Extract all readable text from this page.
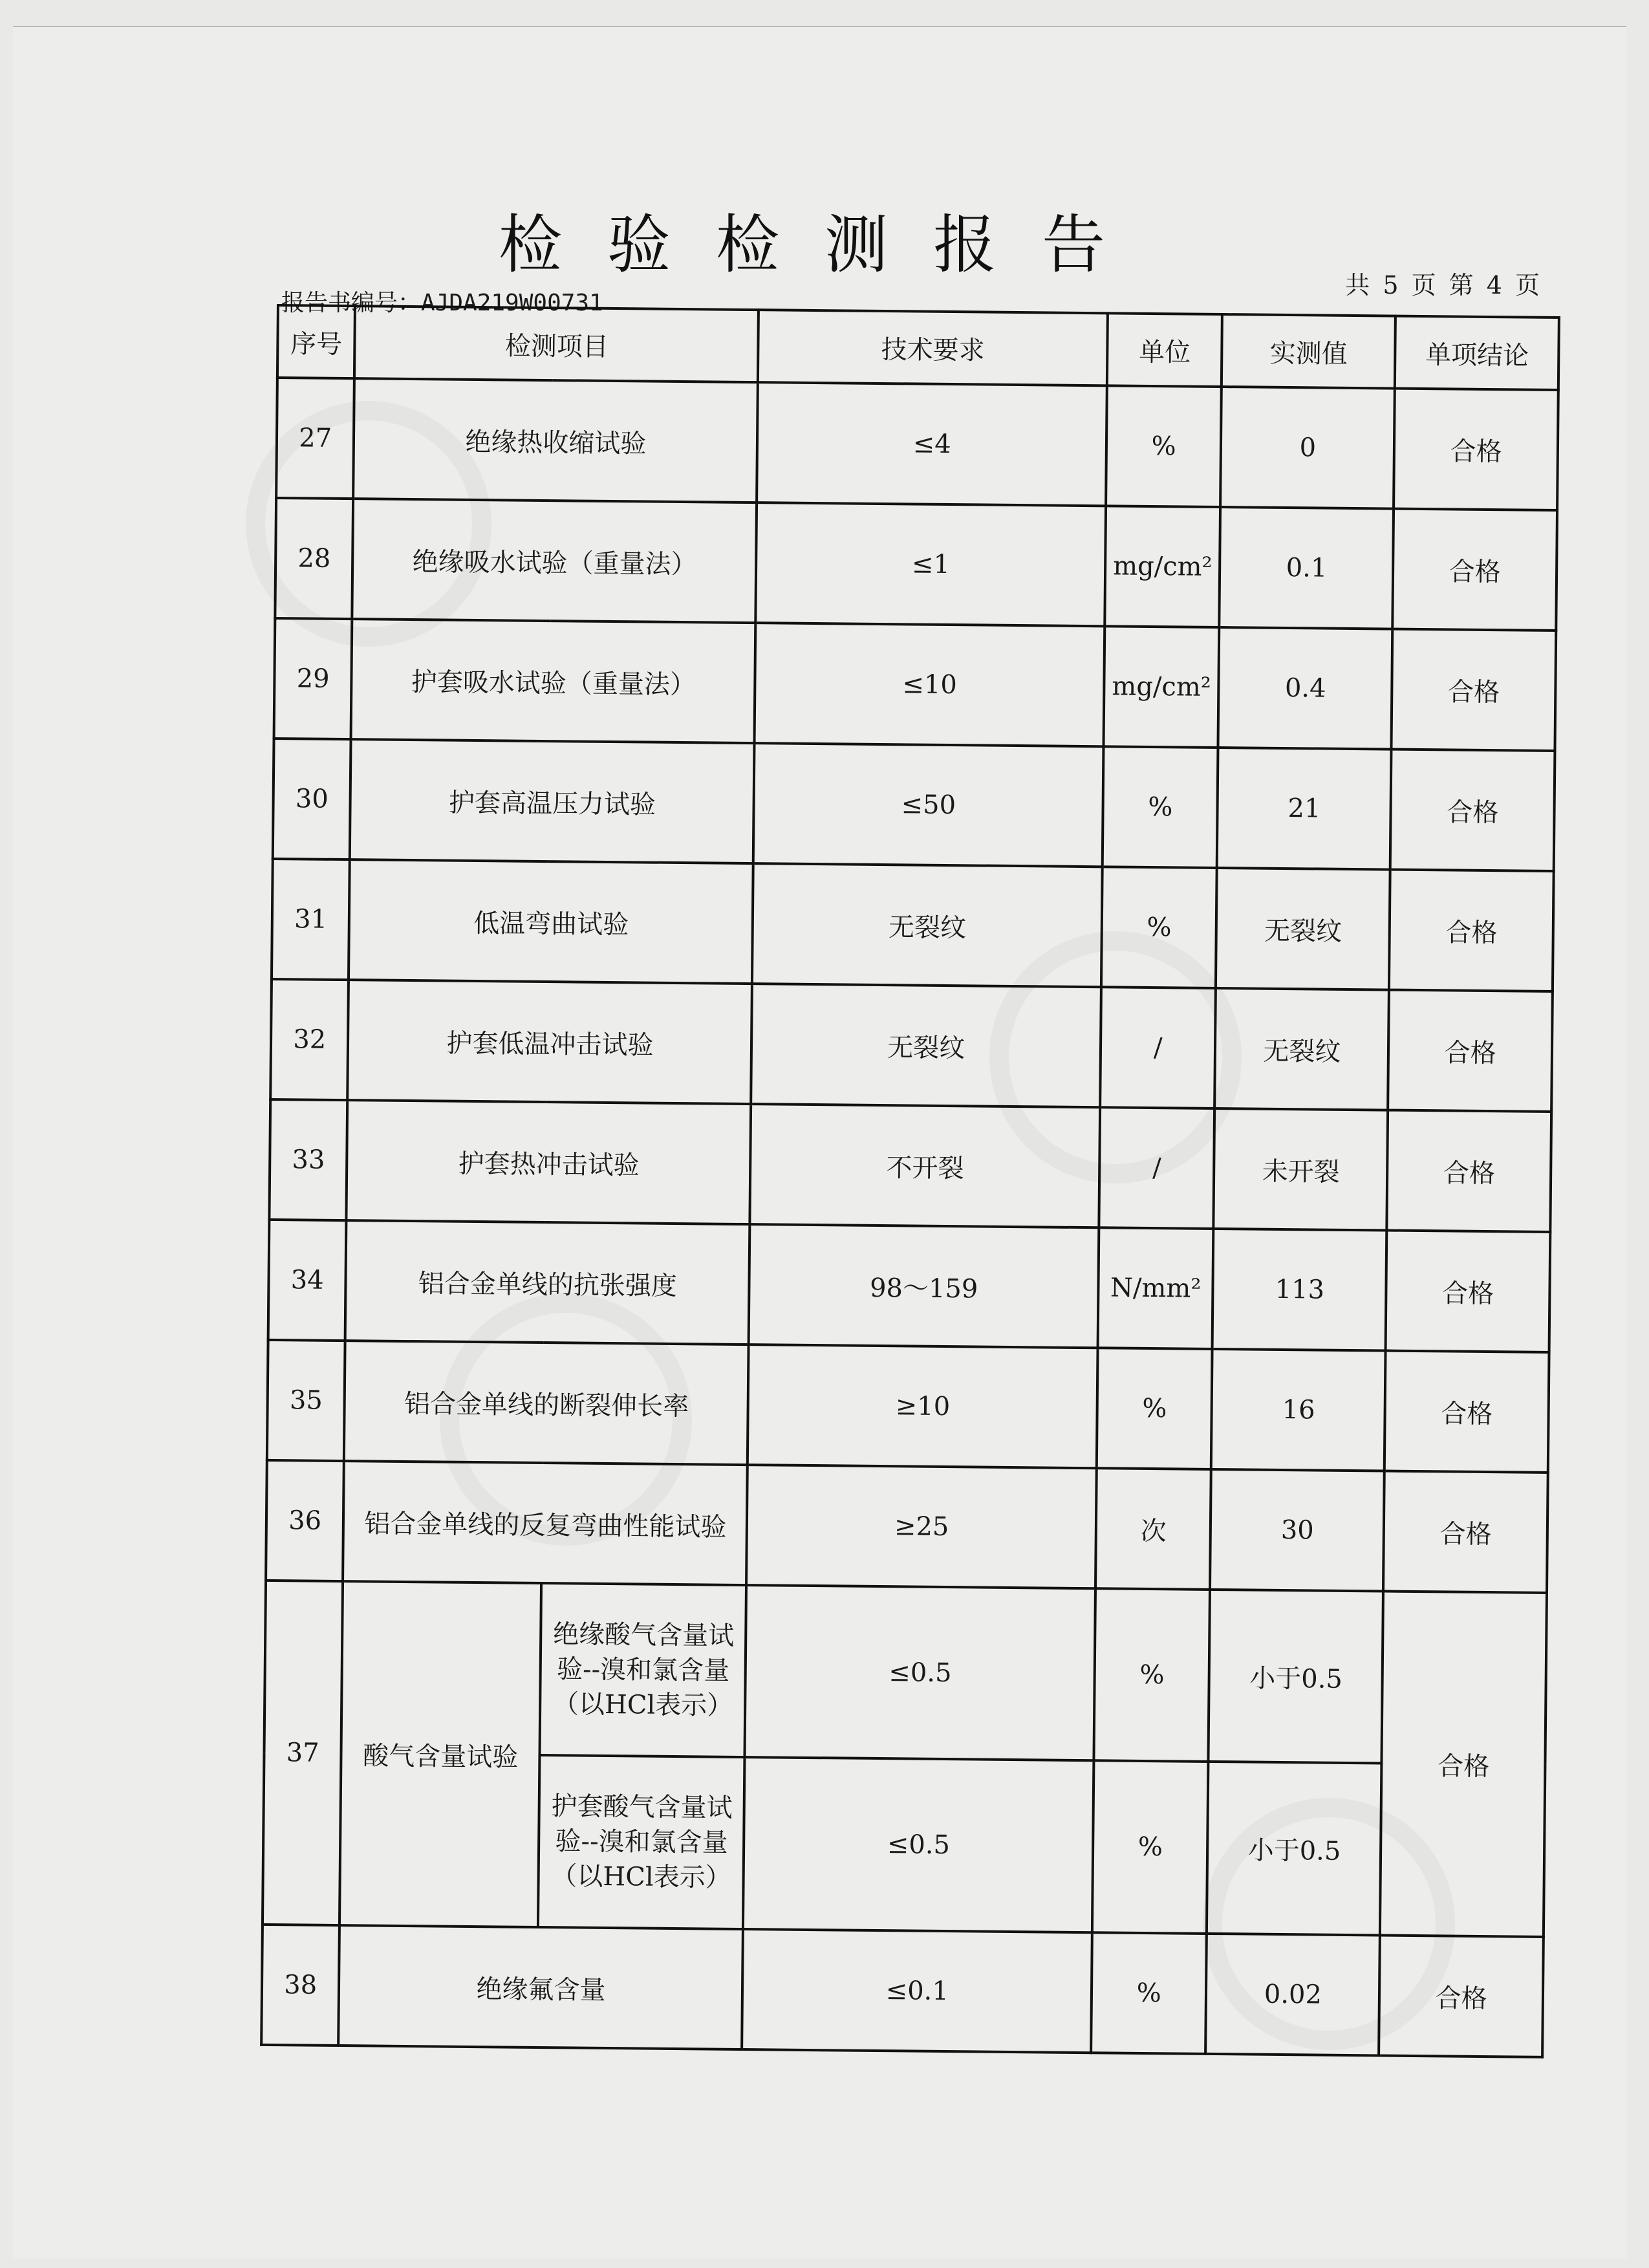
检验检测报告
共 5 页 第 4 页
报告书编号：AJDA219W00731
序号	检测项目		技术要求	单位	实测值	单项结论
27	绝缘热收缩试验		≤4	%	0	合格
28	绝缘吸水试验（重量法）		≤1	mg/cm²	0.1	合格
29	护套吸水试验（重量法）		≤10	mg/cm²	0.4	合格
30	护套高温压力试验		≤50	%	21	合格
31	低温弯曲试验		无裂纹	%	无裂纹	合格
32	护套低温冲击试验		无裂纹	/	无裂纹	合格
33	护套热冲击试验		不开裂	/	未开裂	合格
34	铝合金单线的抗张强度		98～159	N/mm²	113	合格
35	铝合金单线的断裂伸长率		≥10	%	16	合格
36	铝合金单线的反复弯曲性能试验		≥25	次	30	合格
37	酸气含量试验	绝缘酸气含量试验--溴和氯含量（以HCl表示）	≤0.5	%	小于0.5	合格
		护套酸气含量试验--溴和氯含量（以HCl表示）	≤0.5	%	小于0.5	
38	绝缘氟含量		≤0.1	%	0.02	合格
